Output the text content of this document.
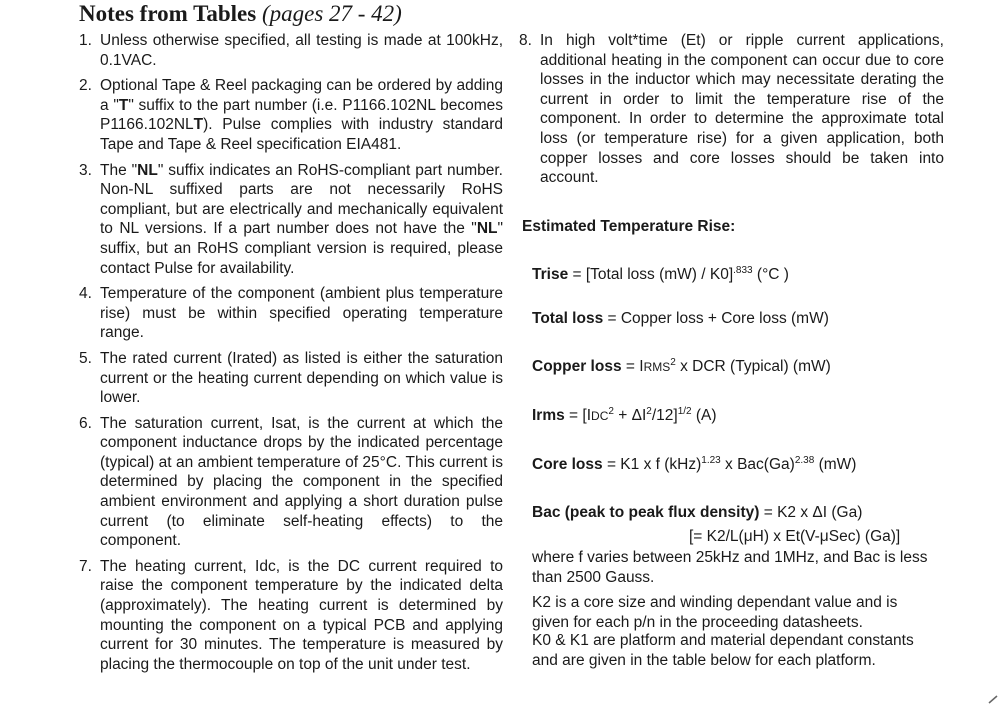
Notes from Tables (pages 27 - 42)
1. Unless otherwise specified, all testing is made at 100kHz, 0.1VAC.
2. Optional Tape & Reel packaging can be ordered by adding a "T" suffix to the part number (i.e. P1166.102NL becomes P1166.102NLT). Pulse complies with industry standard Tape and Tape & Reel specification EIA481.
3. The "NL" suffix indicates an RoHS-compliant part number. Non-NL suffixed parts are not necessarily RoHS compliant, but are electrically and mechanically equivalent to NL versions. If a part number does not have the "NL" suffix, but an RoHS compliant version is required, please contact Pulse for availability.
4. Temperature of the component (ambient plus temperature rise) must be within specified operating temperature range.
5. The rated current (Irated) as listed is either the saturation current or the heating current depending on which value is lower.
6. The saturation current, Isat, is the current at which the component inductance drops by the indicated percentage (typical) at an ambient temperature of 25°C. This current is determined by placing the component in the specified ambient environment and applying a short duration pulse current (to eliminate self-heating effects) to the component.
7. The heating current, Idc, is the DC current required to raise the component temperature by the indicated delta (approximately). The heating current is determined by mounting the component on a typical PCB and applying current for 30 minutes. The temperature is measured by placing the thermocouple on top of the unit under test.
8. In high volt*time (Et) or ripple current applications, additional heating in the component can occur due to core losses in the inductor which may necessitate derating the current in order to limit the temperature rise of the component. In order to determine the approximate total loss (or temperature rise) for a given application, both copper losses and core losses should be taken into account.
Estimated Temperature Rise:
Trise = [Total loss (mW) / K0]$^{.833}$ (°C )
Total loss = Copper loss + Core loss (mW)
Copper loss = $IRMS^2$ x DCR (Typical) (mW)
Irms = $[IDC^2 + \Delta I^2/12]^{1/2}$ (A)
Core loss = K1 x f (kHz)$^{1.23}$ x $Bac(Ga)^{2.38}$ (mW)
Bac (peak to peak flux density) = K2 x ΔI (Ga)
[= K2/L(μH) x Et(V-μSec) (Ga)]
where f varies between 25kHz and 1MHz, and Bac is less than 2500 Gauss.
K2 is a core size and winding dependant value and is given for each p/n in the proceeding datasheets.
K0 & K1 are platform and material dependant constants and are given in the table below for each platform.
